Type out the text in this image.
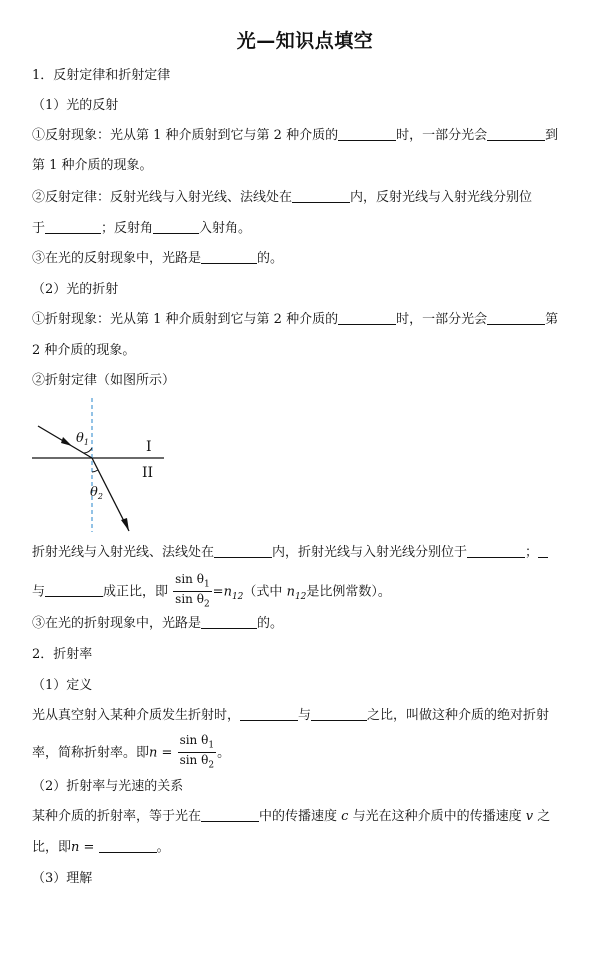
光—知识点填空
1．反射定律和折射定律
（1）光的反射
①反射现象：光从第 1 种介质射到它与第 2 种介质的	时，一部分光会	到
第 1 种介质的现象。
②反射定律：反射光线与入射光线、法线处在	内，反射光线与入射光线分别位
于	；反射角	入射角。
③在光的反射现象中，光路是	的。
（2）光的折射
①折射现象：光从第 1 种介质射到它与第 2 种介质的	时，一部分光会	第
2 种介质的现象。
②折射定律（如图所示）
$\theta_1$
$\theta_2$
I
II
折射光线与入射光线、法线处在	内，折射光线与入射光线分别位于	；
与	成正比，即 $\frac{\sin \theta_1}{\sin \theta_2} =n_{12}$（式中 $n_{12}$是比例常数）。
③在光的折射现象中，光路是	的。
2．折射率
（1）定义
光从真空射入某种介质发生折射时，	与	之比，叫做这种介质的绝对折射
率，简称折射率。即$n = \frac{\sin \theta_1}{\sin \theta_2}$ 。
（2）折射率与光速的关系
某种介质的折射率，等于光在	中的传播速度 c 与光在这种介质中的传播速度 v 之
比，即n =	。
（3）理解
